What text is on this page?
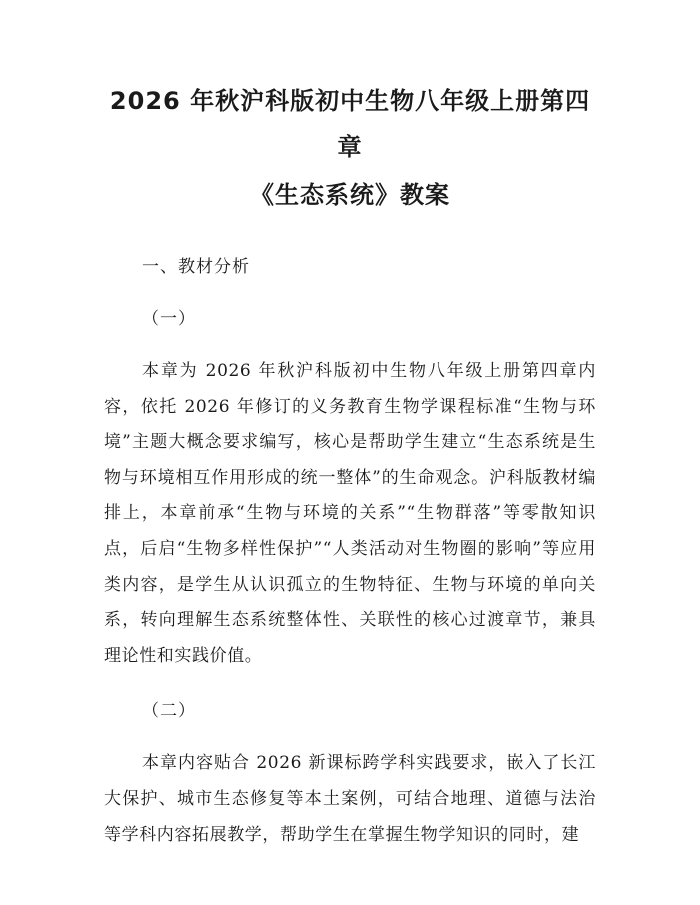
2026 年秋沪科版初中生物八年级上册第四章
《生态系统》教案

一、教材分析

（一）

本章为 2026 年秋沪科版初中生物八年级上册第四章内容，依托 2026 年修订的义务教育生物学课程标准“生物与环境”主题大概念要求编写，核心是帮助学生建立“生态系统是生物与环境相互作用形成的统一整体”的生命观念。沪科版教材编排上，本章前承“生物与环境的关系”“生物群落”等零散知识点，后启“生物多样性保护”“人类活动对生物圈的影响”等应用类内容，是学生从认识孤立的生物特征、生物与环境的单向关系，转向理解生态系统整体性、关联性的核心过渡章节，兼具理论性和实践价值。

（二）

本章内容贴合 2026 新课标跨学科实践要求，嵌入了长江大保护、城市生态修复等本土案例，可结合地理、道德与法治等学科内容拓展教学，帮助学生在掌握生物学知识的同时，建
